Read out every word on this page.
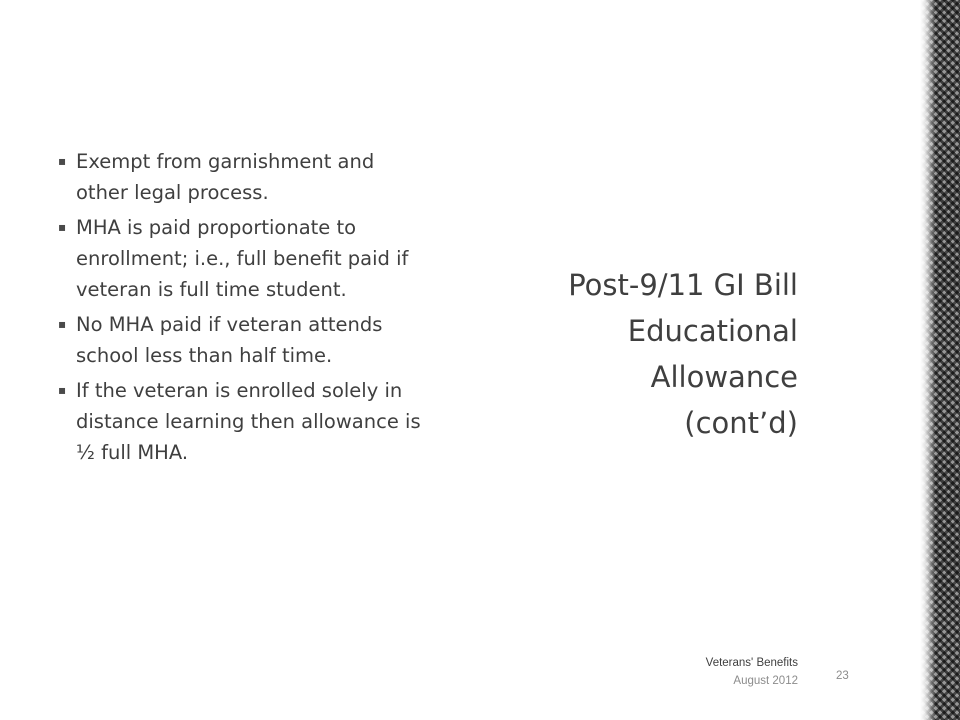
▪ Exempt from garnishment and other legal process.
▪ MHA is paid proportionate to enrollment; i.e., full benefit paid if veteran is full time student.
▪ No MHA paid if veteran attends school less than half time.
▪ If the veteran is enrolled solely in distance learning then allowance is ½ full MHA.
Post-9/11 GI Bill
Educational
Allowance
(cont’d)
Veterans' Benefits
August 2012	23
